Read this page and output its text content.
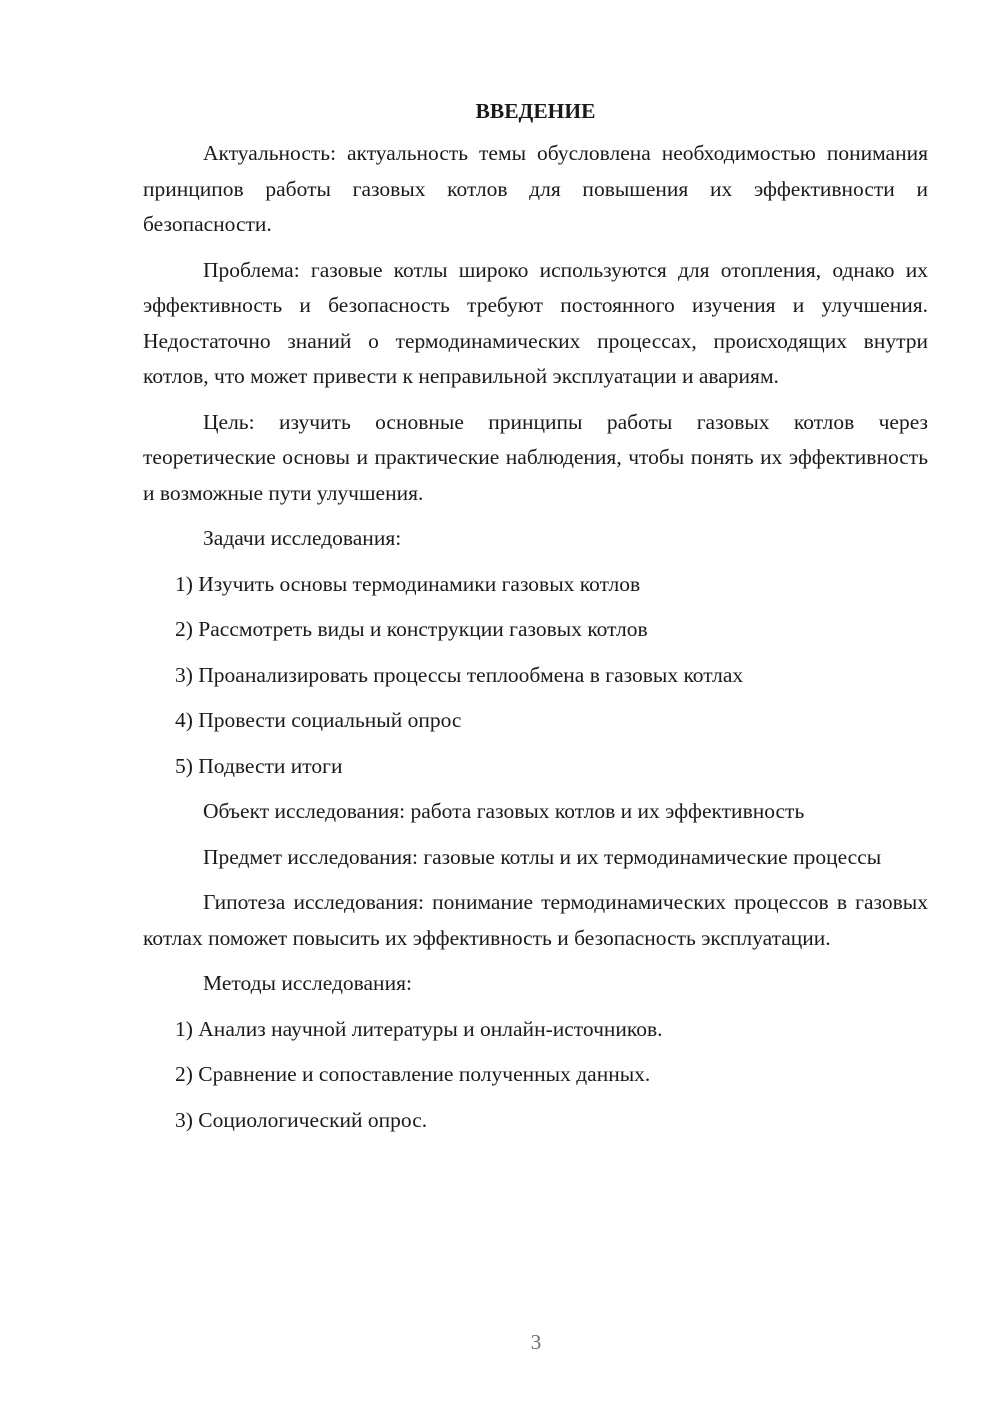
ВВЕДЕНИЕ

Актуальность: актуальность темы обусловлена необходимостью понимания принципов работы газовых котлов для повышения их эффективности и безопасности.

Проблема: газовые котлы широко используются для отопления, однако их эффективность и безопасность требуют постоянного изучения и улучшения. Недостаточно знаний о термодинамических процессах, происходящих внутри котлов, что может привести к неправильной эксплуатации и авариям.

Цель: изучить основные принципы работы газовых котлов через теоретические основы и практические наблюдения, чтобы понять их эффективность и возможные пути улучшения.

Задачи исследования:

1) Изучить основы термодинамики газовых котлов
2) Рассмотреть виды и конструкции газовых котлов
3) Проанализировать процессы теплообмена в газовых котлах
4) Провести социальный опрос
5) Подвести итоги

Объект исследования: работа газовых котлов и их эффективность

Предмет исследования: газовые котлы и их термодинамические процессы

Гипотеза исследования: понимание термодинамических процессов в газовых котлах поможет повысить их эффективность и безопасность эксплуатации.

Методы исследования:

1) Анализ научной литературы и онлайн-источников.
2) Сравнение и сопоставление полученных данных.
3) Социологический опрос.
3
